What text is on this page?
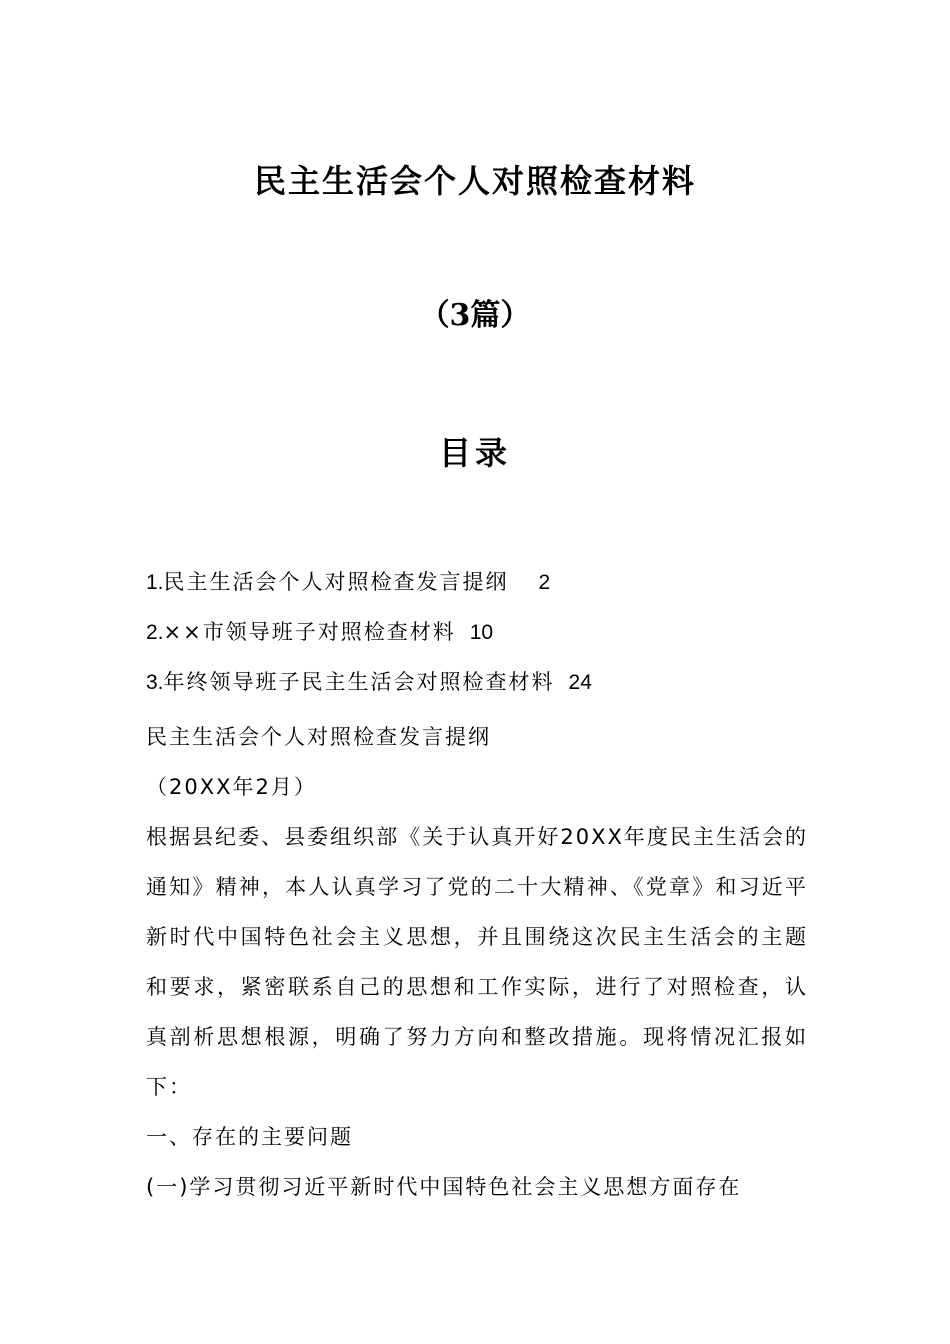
民主生活会个人对照检查材料
（3篇）
目录
1.民主生活会个人对照检查发言提纲 2
2.××市领导班子对照检查材料 10
3.年终领导班子民主生活会对照检查材料 24

民主生活会个人对照检查发言提纲

（20XX年2月）

根据县纪委、县委组织部《关于认真开好20XX年度民主生活会的通知》精神，本人认真学习了党的二十大精神、《党章》和习近平新时代中国特色社会主义思想，并且围绕这次民主生活会的主题和要求，紧密联系自己的思想和工作实际，进行了对照检查，认真剖析思想根源，明确了努力方向和整改措施。现将情况汇报如下：

一、存在的主要问题

(一)学习贯彻习近平新时代中国特色社会主义思想方面存在
